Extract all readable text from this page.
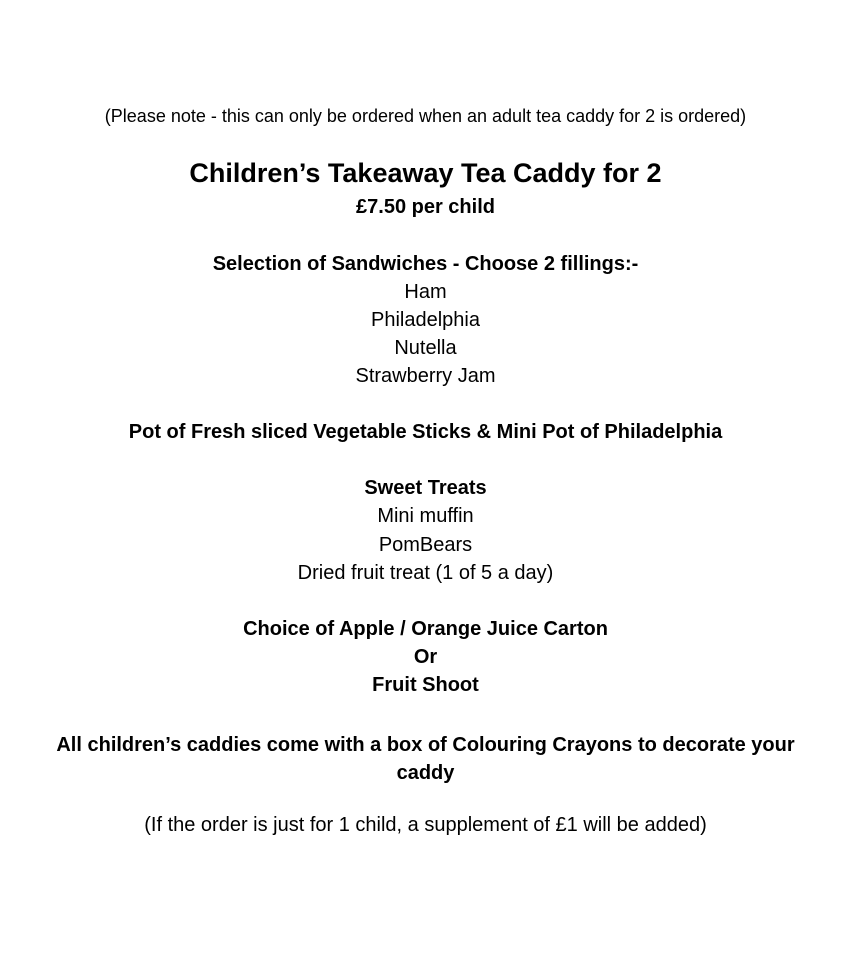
(Please note - this can only be ordered when an adult tea caddy for 2 is ordered)
Children’s Takeaway Tea Caddy for 2
£7.50 per child
Selection of Sandwiches - Choose 2 fillings:-
Ham
Philadelphia
Nutella
Strawberry Jam
Pot of Fresh sliced Vegetable Sticks & Mini Pot of Philadelphia
Sweet Treats
Mini muffin
PomBears
Dried fruit treat (1 of 5 a day)
Choice of Apple / Orange Juice Carton
Or
Fruit Shoot
All children’s caddies come with a box of Colouring Crayons to decorate your caddy
(If the order is just for 1 child, a supplement of £1 will be added)
